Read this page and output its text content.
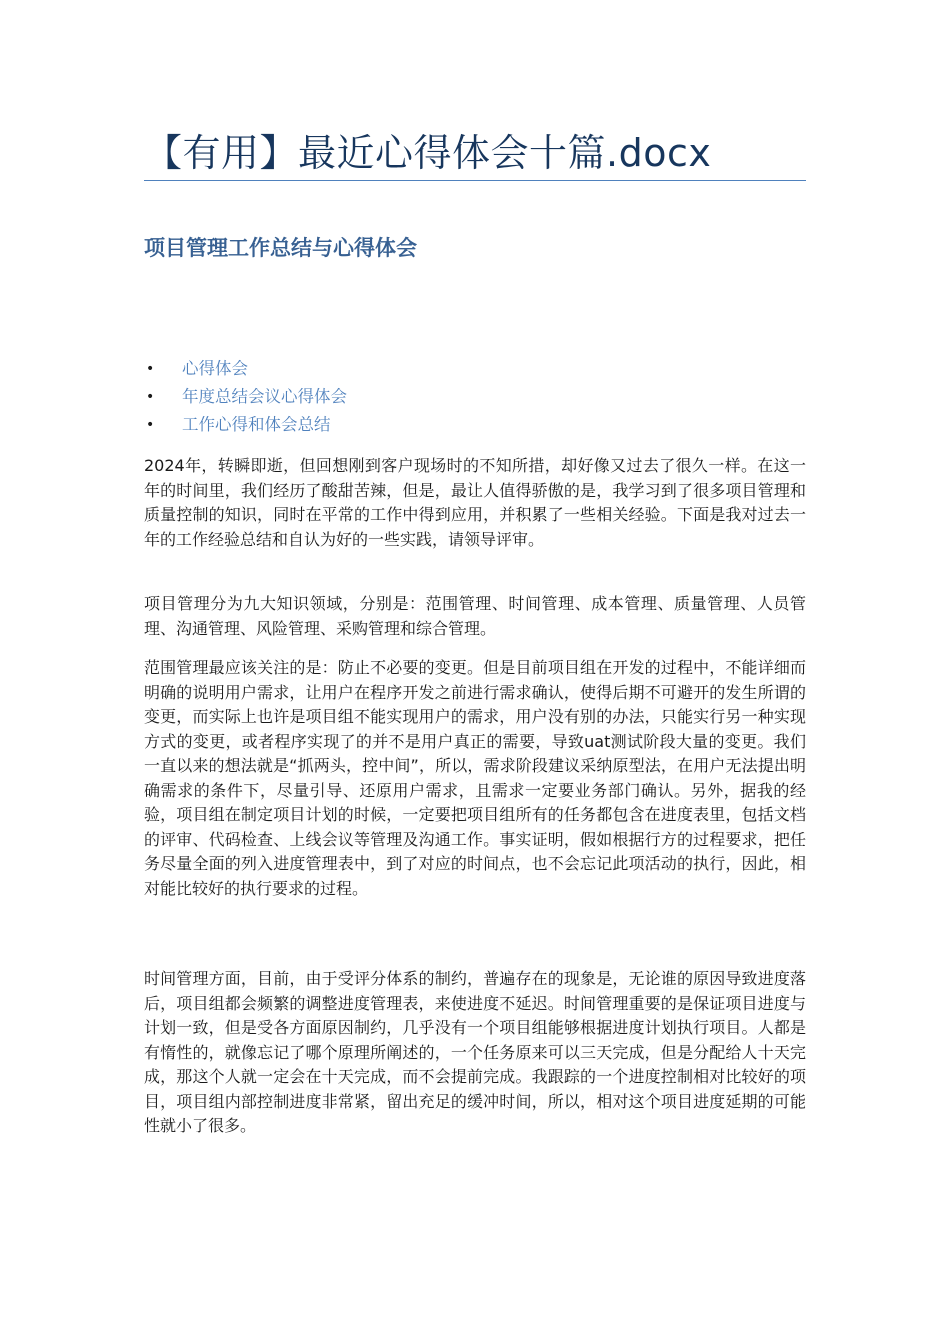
【有用】最近心得体会十篇.docx
项目管理工作总结与心得体会
• 心得体会
• 年度总结会议心得体会
• 工作心得和体会总结

2024年，转瞬即逝，但回想刚到客户现场时的不知所措，却好像又过去了很久一样。在这一年的时间里，我们经历了酸甜苦辣，但是，最让人值得骄傲的是，我学习到了很多项目管理和质量控制的知识，同时在平常的工作中得到应用，并积累了一些相关经验。下面是我对过去一年的工作经验总结和自认为好的一些实践，请领导评审。

项目管理分为九大知识领域，分别是：范围管理、时间管理、成本管理、质量管理、人员管理、沟通管理、风险管理、采购管理和综合管理。

范围管理最应该关注的是：防止不必要的变更。但是目前项目组在开发的过程中，不能详细而明确的说明用户需求，让用户在程序开发之前进行需求确认，使得后期不可避开的发生所谓的变更，而实际上也许是项目组不能实现用户的需求，用户没有别的办法，只能实行另一种实现方式的变更，或者程序实现了的并不是用户真正的需要，导致uat测试阶段大量的变更。我们一直以来的想法就是“抓两头，控中间”，所以，需求阶段建议采纳原型法，在用户无法提出明确需求的条件下，尽量引导、还原用户需求，且需求一定要业务部门确认。另外，据我的经验，项目组在制定项目计划的时候，一定要把项目组所有的任务都包含在进度表里，包括文档的评审、代码检查、上线会议等管理及沟通工作。事实证明，假如根据行方的过程要求，把任务尽量全面的列入进度管理表中，到了对应的时间点，也不会忘记此项活动的执行，因此，相对能比较好的执行要求的过程。

时间管理方面，目前，由于受评分体系的制约，普遍存在的现象是，无论谁的原因导致进度落后，项目组都会频繁的调整进度管理表，来使进度不延迟。时间管理重要的是保证项目进度与计划一致，但是受各方面原因制约，几乎没有一个项目组能够根据进度计划执行项目。人都是有惰性的，就像忘记了哪个原理所阐述的，一个任务原来可以三天完成，但是分配给人十天完成，那这个人就一定会在十天完成，而不会提前完成。我跟踪的一个进度控制相对比较好的项目，项目组内部控制进度非常紧，留出充足的缓冲时间，所以，相对这个项目进度延期的可能性就小了很多。
